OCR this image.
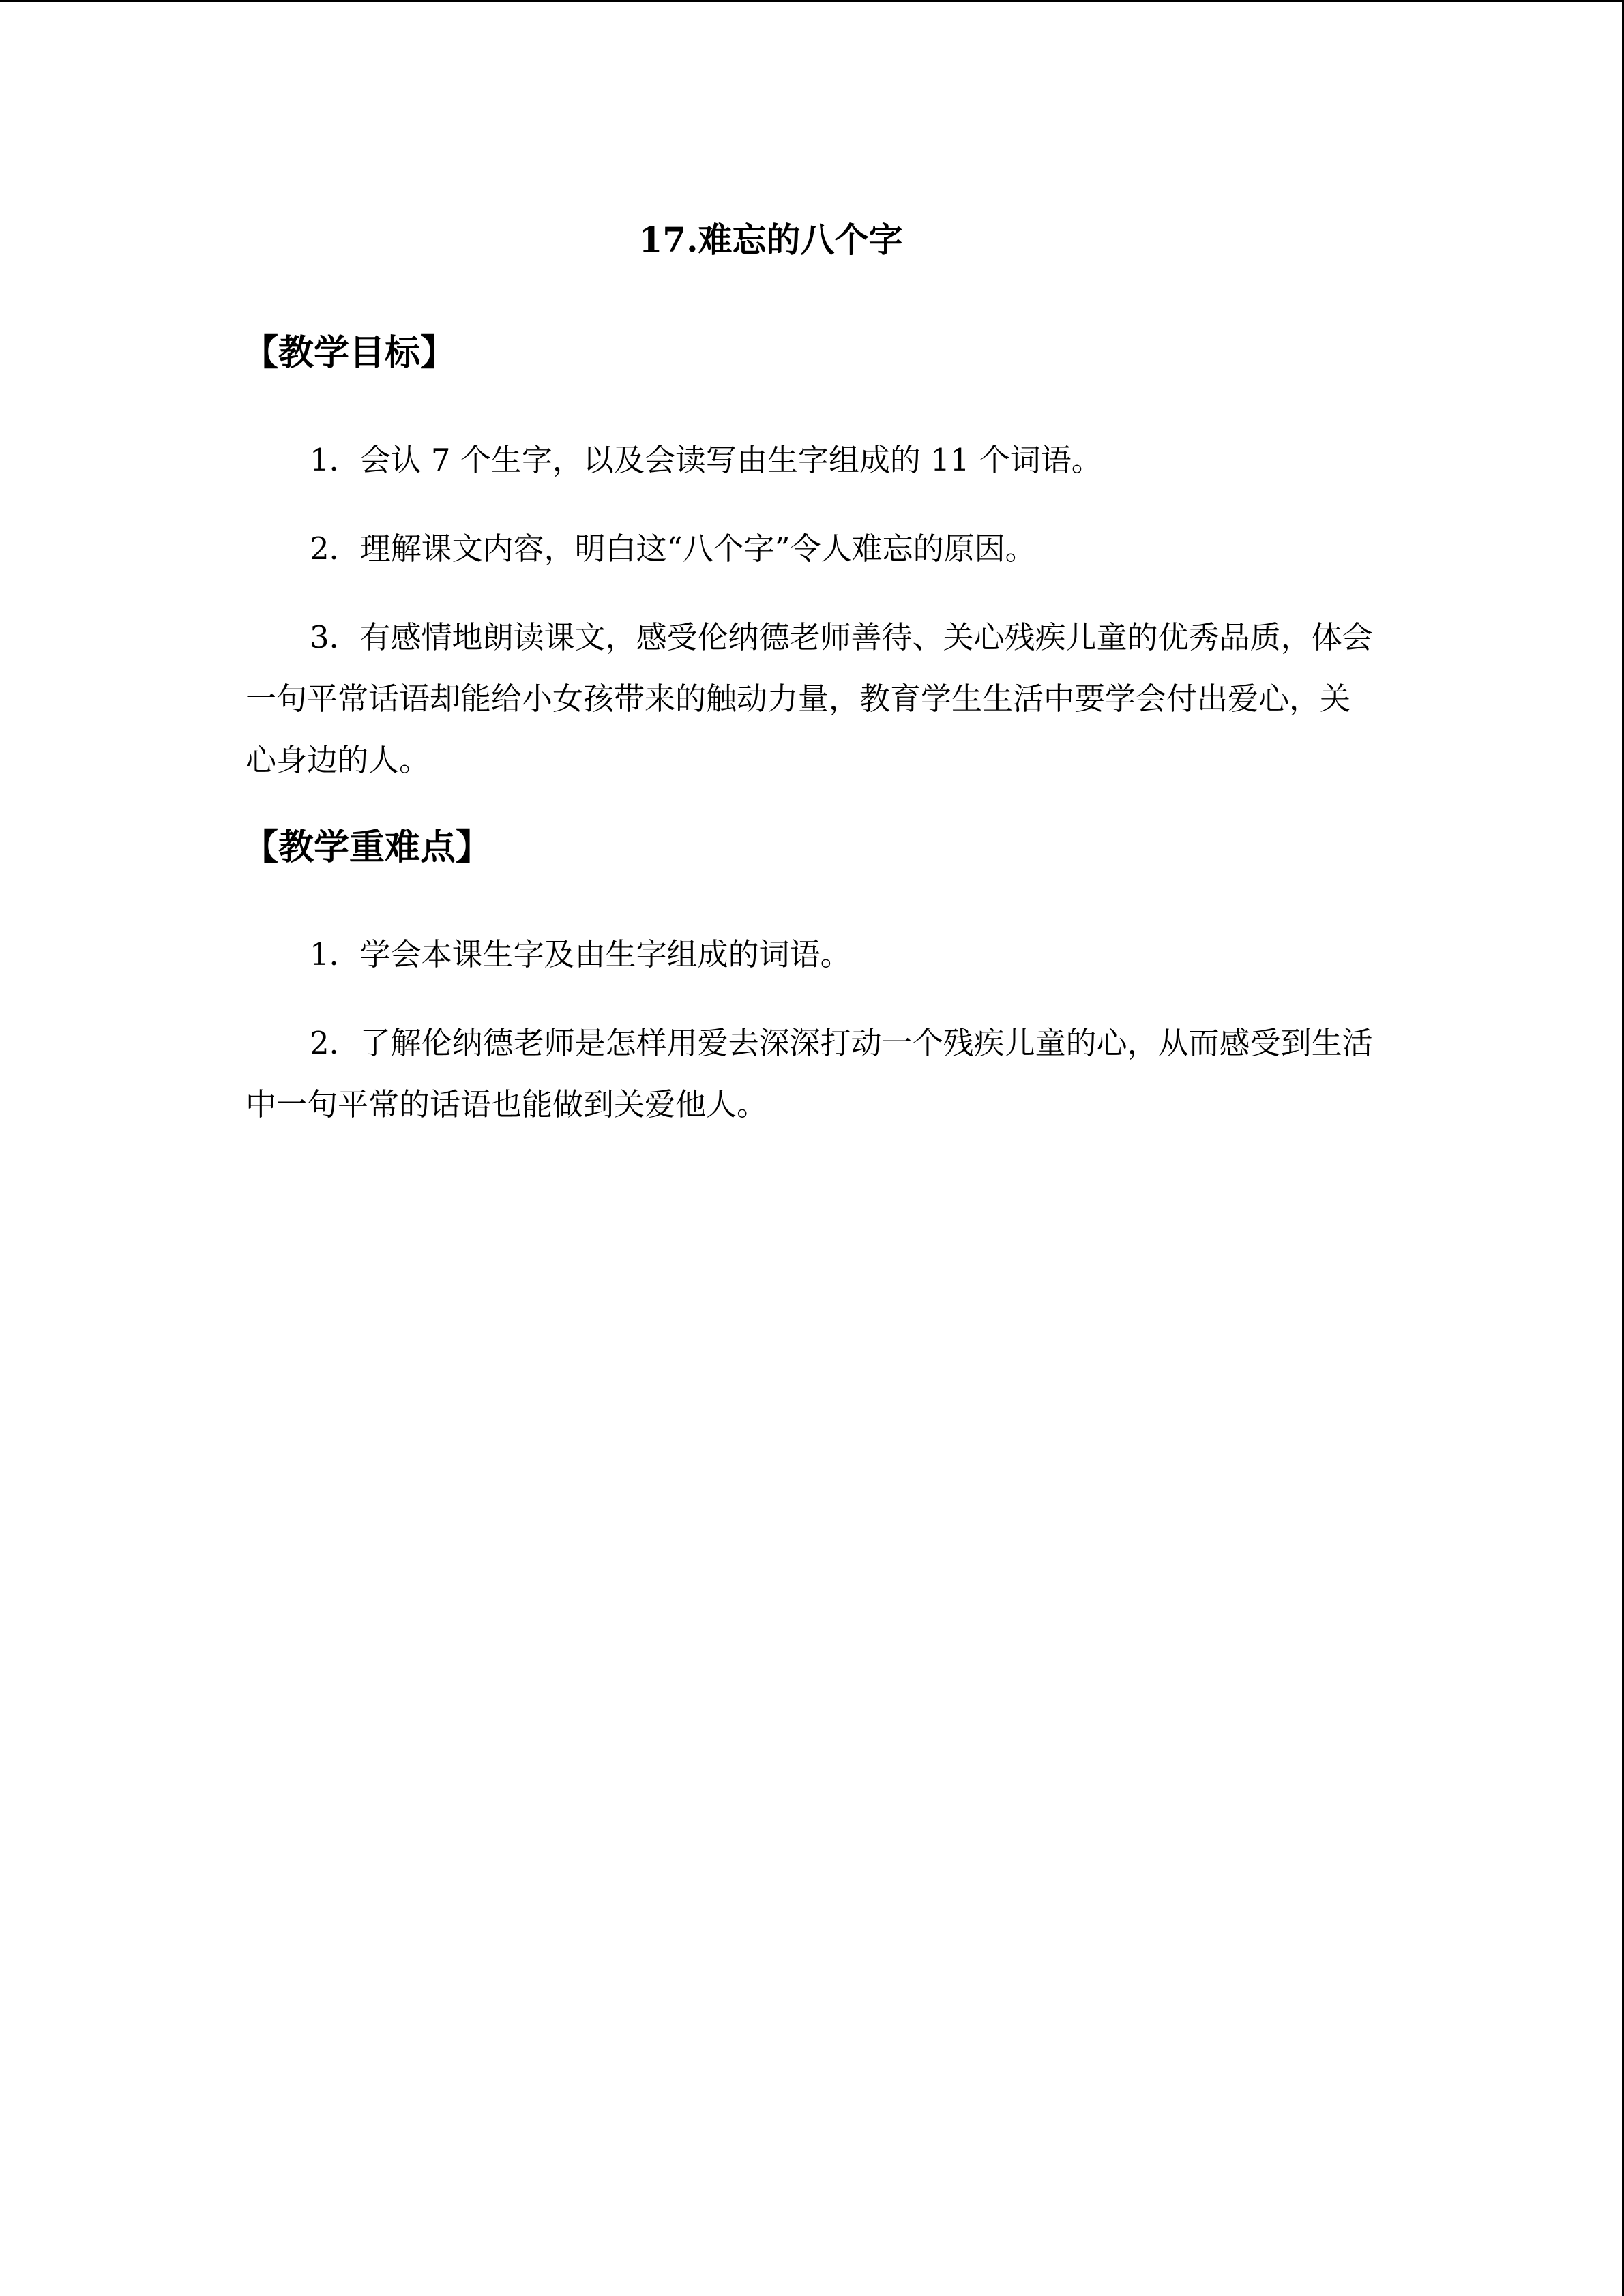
17.难忘的八个字
【教学目标】
1．会认 7 个生字，以及会读写由生字组成的 11 个词语。
2．理解课文内容，明白这“八个字”令人难忘的原因。
3．有感情地朗读课文，感受伦纳德老师善待、关心残疾儿童的优秀品质，体会一句平常话语却能给小女孩带来的触动力量，教育学生生活中要学会付出爱心，关心身边的人。
【教学重难点】
1．学会本课生字及由生字组成的词语。
2．了解伦纳德老师是怎样用爱去深深打动一个残疾儿童的心，从而感受到生活中一句平常的话语也能做到关爱他人。
